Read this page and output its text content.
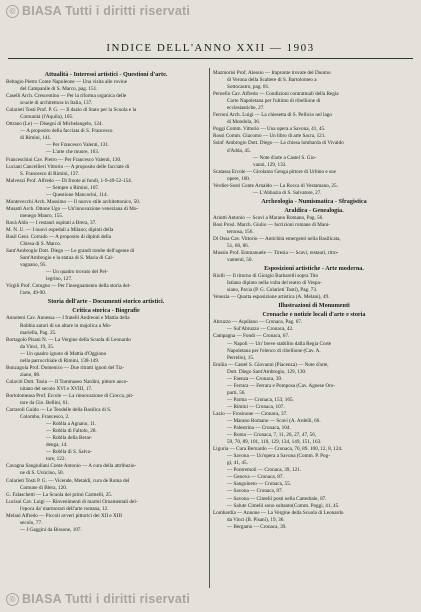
© BIASA Tutti i diritti riservati
INDICE DELL'ANNO XXII — 1903
Attualità - Interessi artistici - Questioni d'arte.
Beltagio Pietro Conte Napoleone — Una visita alle rovine
del Campanile di S. Marco, pag. 151.
Caselli Arch. Crescentino — Per la riforma organica delle
scuole di architettura in Italia, 137.
Colarieti Tosti Prof. P. G. — Il dazio di Stato per la Scuola e la
Comunità (l'Aquila), 105.
Ottrano (Le) — Disegni di Michelangelo, 124.
— A proposito della facciata di S. Francesco
di Rimini, 141.
— Per Francesco Valenti, 131.
— L'arte che muore, 163.
Franceschini Cav. Pietro — Per Francesco Valenti, 130.
Luciani Cancellieri Vittorio — A proposito delle facciate di
S. Francesco di Rimini, 137.
Malvezzi Prof. Alfredo — Di fronte ai fondi, 1-9-49-52-154.
— Sempre a Rimini, 107.
— Questione Mancorini, 114.
Montevecchi Arch. Massimo — Il nuovo stile architettonico, 50.
Musatti Arch. Ottone Ugo — Un'innovazione veneziana di Mo-
menego Mauro, 155.
Ravà Aldo — I restauri ospitati a Brera, 37.
M. N. U. — I nuovi ospedali a Milano; dipinti della
Basil Geni. Corrado — A proposito di dipinti della
Chiesa di S. Marco.
Sant'Ambrogio Dott. Diego — Le grandi tombe dell'agente di
Sant'Ambrogio e la statua di S. Maria di Cal-
vagnano, 95.
— Un quadro trovato del Pel-
legrino, 127.
Virgili Prof. Cotugno — Per l'insegnamento della storia del-
l'arte, 49-90.
Storia dell'arte - Documenti storico artistici.
Critica storica - Biografie
Annoteni Cav. Annessa — I fratelli Andreoni e Mattia della
Robbia autori di un altare in majolica a Mo-
mariella, Pag. 25.
Bortagolo Pisani N. — La Vergine della Scuola di Leonardo
da Vinci, 19, 35.
— Un quadro ignoto di Mattia d'Oggiono
nella parrocchiale di Rimini, 138-149.
Bonzagola Prof. Domenico — Due ritratti ignoti del Tiz-
ziano, 88.
Colaviti Dott. Tosin — Il Tommaseo Nardini, pittore anco-
nitano del secolo XVI e XVIII, 17.
Bortolomeasa Prof. Ercole — La rinnovazione di Ciocca, pit-
tore da Gio. Bellini, 61.
Carraroli Guido — Le Teodelle della Basilica di S.
Colombo, Francesco, 2.
— Roblla a Agnano, 11.
— Roblla di Faltolo, 28.
— Roblla della Berar-
denga, 14.
— Roblla di S. Salva-
tore, 122.
Cavagna Sangiuliani Conte Antonio — A cura della attribuzio-
ne di S. Ursicino, 50.
Colarieti Tosti P. G. — Vicende, Metaldi, cura de Roma del
Comune di Blera, 120.
G. Falaschetti — La Scuola dei primi Carmelli, 25.
Lucisni Cav. Luigi — Rinvenimenti di marmi Ornamentali del-
l'epoca da' marmorari dell'arte romana, 12.
Melani Alfredo — Piccoli avveri pittorici dei XII e XIII
secolo, 77.
— I Gaggini da Bissone, 107.
Mazmorisi Prof. Alessio — Impronte trovate del Duomo
di Verona della Scaltere di S. Bartolomeo a
Sottocastro, pag. 81.
Pernello Cav. Alfredo — Condizioni contrattuali della Regia
Corte Napoletana per l'ultimo di ribellione di
ecclesiastiche, 27.
Ferroni Arch. Luigi — La chiesetta di S. Pellicio nel lago
di Mondola, 36.
Poggi Comm. Vittorio — Una opera a Savona, 41, 45.
Rossi Comm. Giacomo — Un libro di arte Sacra, 121.
Ssinl' Ambrogio Dott. Diego — La chiesa lombarda di Vivaldo
d'Adda, 45.
— Note d'arte a Castel S. Gio-
vanni, 129, 133.
Scatassa Ercole — Girolamo Genga pittore di Urbino e sue
opere, 100.
Verdier-Sosti Conte Arnaldo — La Rocca di Vestamano, 25.
— L'Abbazia di S. Salvatore, 27.
Archeologia - Numismatica - Sfragistica
Araldica - Genealogia.
Ariotti Antonio — Scavi a Marano Romano, Pag. 56.
Bosi Prosl. March. Giulio — Iscrizioni romane di Mani-
teronsa, 156.
Di Ossa Cav. Vittorio — Antichità emergenti nella Basilicata,
51, 68, 86.
Mussio Prof. Emmanuele — Tiresia — Scavi, restauri, ritro-
vamenti, 50.
Esposizioni artistiche - Arte moderna.
Riolli — Il ritorno di Giorgio Barbarelli sopra Tito
Istiano dipinto nella volta del teatro di Vespa-
siano, Pavia (P. G. Colarieti Tosti), Pag. 73.
Venezia — Quarta esposizione artistica (A. Melani), 49.
Illustrazioni di Monumenti
Cronache e notizie locali d'arte e storia
Abruzzo — Aquilano — Cronaca, Pag. 67.
— Sul'Abruzzo — Cronaca, 42.
Campagna — Fondi — Cronaca, 67.
— Napoli — Un' breve stabilito dalla Regia Corte
Napoletana per l'elenco di ribellione (Cav. A.
Perrello), 15.
Emilia — Castel S. Giovanni (Piacenza) — Note d'arte,
Dott. Diego Sant'Ambrogio, 129, 130.
— Faenza — Cronaca, 39.
— Ferrara — Ferrara e Pomposa (Cav. Agnese Oro-
parti, 56.
— Parma — Cronaca, 153, 165.
— Rimini — Cronaca, 107.
Lazio — Frosinone — Cronaca, 37.
— Marano Romano — Scavi (A. Ardelli, 66.
— Palestrina — Cronaca, 104.
— Roma — Cronaca, 7, 11, 26, 27, 47, 56,
59, 70, 89, 101, 110, 129, 134, 149, 151, 163.
Liguria — Cura Bernardo — Cronaca, 70, 89. 100, 12, 8, 124.
— Savona — Un'opera a Savona (Comm. P. Pog-
gi, 41, 45.
— Pontremoli — Cronaca, 39, 121.
— Genova — Cronaca, 87.
— Sanguineto — Cronaca, 55.
— Savona — Cronaca, 87.
— Savona — Cimelii posti nella Cattedrale, 87.
— Salute Cimelii sono soltanto(Comm. Poggi, 41, 45.
Lombardia — Annone — La Vergine della Scuola di Leonardo
da Vinci (B. Pisani), 19, 36.
— Bergamo — Cronaca, 39.
© BIASA Tutti i diritti riservati
